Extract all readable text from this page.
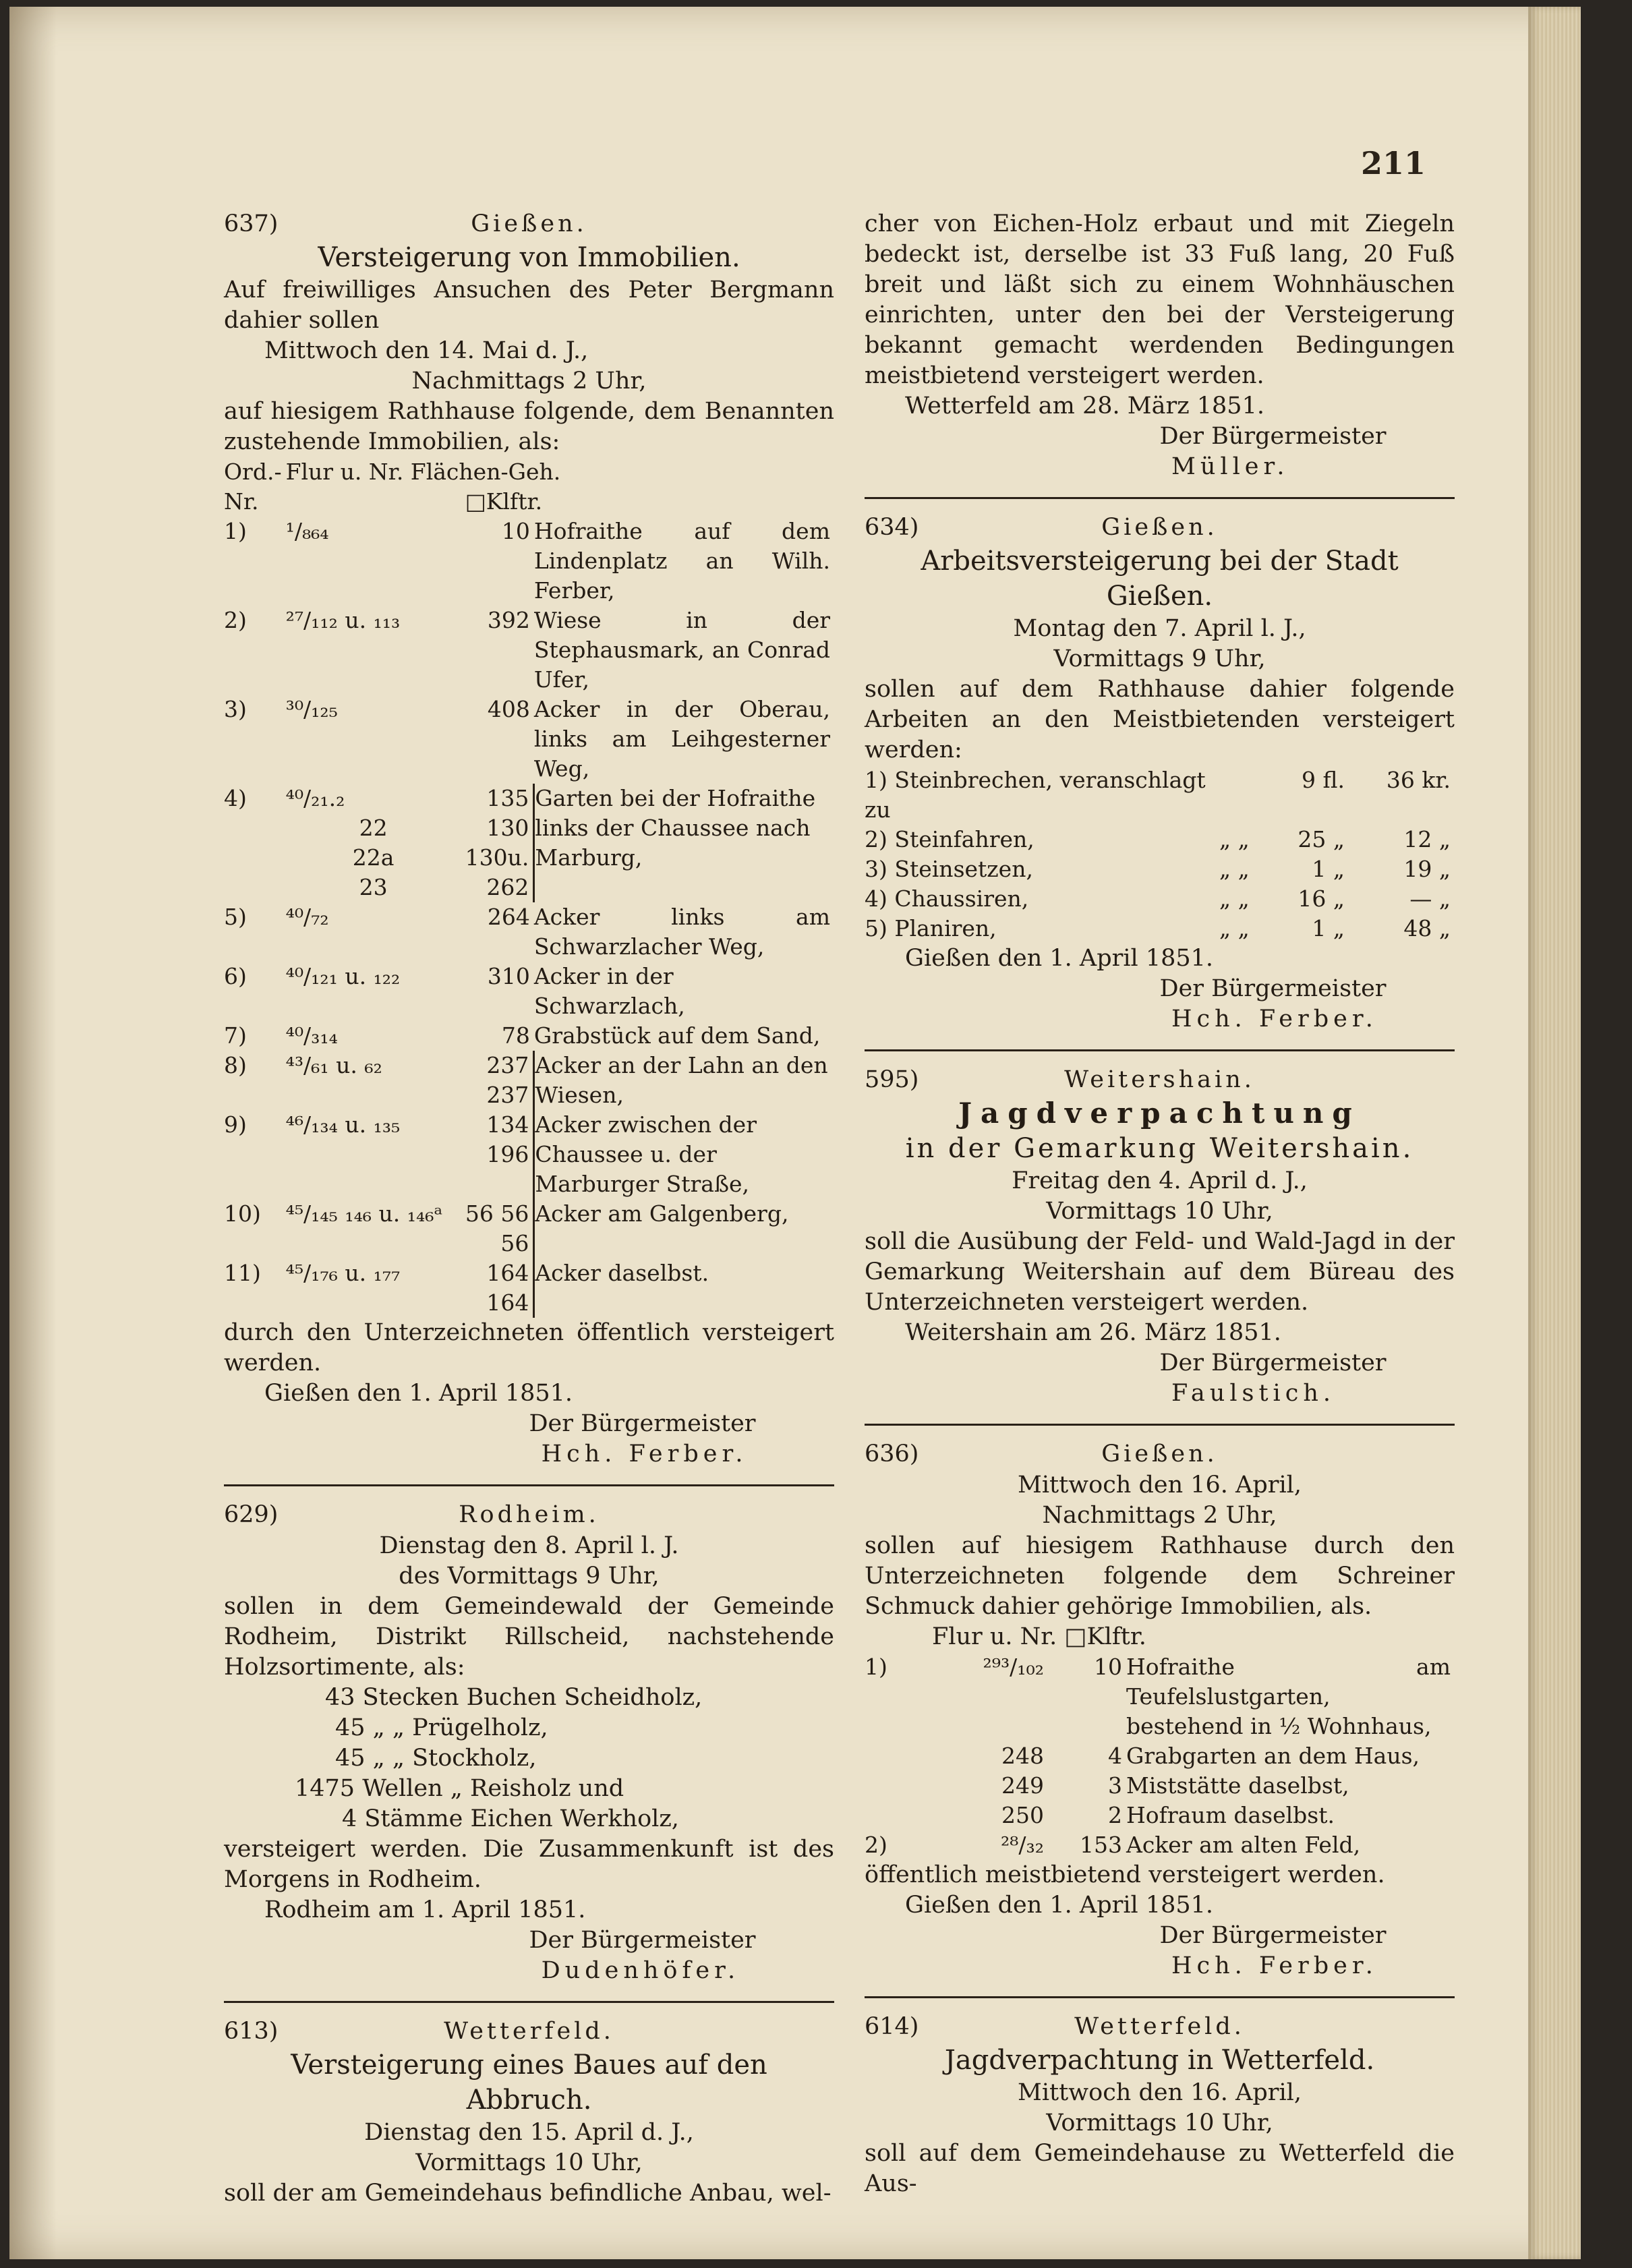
211
637)	Gießen.

Versteigerung von Immobilien.

Auf freiwilliges Ansuchen des Peter Bergmann dahier sollen

Mittwoch den 14. Mai d. J.,

Nachmittags 2 Uhr,

auf hiesigem Rathhause folgende, dem Benannten zustehende Immobilien, als:

Ord.-	Flur u. Nr. Flächen-Geh.		
Nr.		□Klftr.	
1)	¹/₈₆₄	10	Hofraithe auf dem Lindenplatz an Wilh. Ferber,
2)	²⁷/₁₁₂ u. ₁₁₃	392	Wiese in der Stephausmark, an Conrad Ufer,
3)	³⁰/₁₂₅	408	Acker in der Oberau, links am Leihgesterner Weg,
4)	⁴⁰/₂₁.₂	135	Garten bei der Hofraithe links der Chaussee nach Marburg,
	22	130	
	22a	130u.	
	23	262	
5)	⁴⁰/₇₂	264	Acker links am Schwarzlacher Weg,
6)	⁴⁰/₁₂₁ u. ₁₂₂	310	Acker in der Schwarzlach,
7)	⁴⁰/₃₁₄	78	Grabstück auf dem Sand,
8)	⁴³/₆₁ u. ₆₂	237 237	Acker an der Lahn an den Wiesen,
9)	⁴⁶/₁₃₄ u. ₁₃₅	134 196	Acker zwischen der Chaussee u. der Marburger Straße,
10)	⁴⁵/₁₄₅ ₁₄₆ u. ₁₄₆ᵃ	56 56 56	Acker am Galgenberg,
11)	⁴⁵/₁₇₆ u. ₁₇₇	164 164	Acker daselbst.

durch den Unterzeichneten öffentlich versteigert werden.

Gießen den 1. April 1851.

Der Bürgermeister

Hch. Ferber.

629)	Rodheim.

Dienstag den 8. April l. J.

des Vormittags 9 Uhr,

sollen in dem Gemeindewald der Gemeinde Rodheim, Distrikt Rillscheid, nachstehende Holzsortimente, als:

43 Stecken Buchen Scheidholz,

45 „ „ Prügelholz,

45 „ „ Stockholz,

1475 Wellen „ Reisholz und

4 Stämme Eichen Werkholz,

versteigert werden. Die Zusammenkunft ist des Morgens in Rodheim.

Rodheim am 1. April 1851.

Der Bürgermeister

Dudenhöfer.

613)	Wetterfeld.

Versteigerung eines Baues auf den Abbruch.

Dienstag den 15. April d. J.,

Vormittags 10 Uhr,

soll der am Gemeindehaus befindliche Anbau, wel-

cher von Eichen-Holz erbaut und mit Ziegeln bedeckt ist, derselbe ist 33 Fuß lang, 20 Fuß breit und läßt sich zu einem Wohnhäuschen einrichten, unter den bei der Versteigerung bekannt gemacht werdenden Bedingungen meistbietend versteigert werden.

Wetterfeld am 28. März 1851.

Der Bürgermeister

Müller.

634)	Gießen.

Arbeitsversteigerung bei der Stadt Gießen.

Montag den 7. April l. J.,

Vormittags 9 Uhr,

sollen auf dem Rathhause dahier folgende Arbeiten an den Meistbietenden versteigert werden:

1) Steinbrechen, veranschlagt zu		9 fl.	36 kr.
2) Steinfahren,	„ „	25 „	12 „
3) Steinsetzen,	„ „	1 „	19 „
4) Chaussiren,	„ „	16 „	— „
5) Planiren,	„ „	1 „	48 „

Gießen den 1. April 1851.

Der Bürgermeister

Hch. Ferber.

595)	Weitershain.

Jagdverpachtung

in der Gemarkung Weitershain.

Freitag den 4. April d. J.,

Vormittags 10 Uhr,

soll die Ausübung der Feld- und Wald-Jagd in der Gemarkung Weitershain auf dem Büreau des Unterzeichneten versteigert werden.

Weitershain am 26. März 1851.

Der Bürgermeister

Faulstich.

636)	Gießen.

Mittwoch den 16. April,

Nachmittags 2 Uhr,

sollen auf hiesigem Rathhause durch den Unterzeichneten folgende dem Schreiner Schmuck dahier gehörige Immobilien, als.

Flur u. Nr. □Klftr.

1)	²⁹³/₁₀₂	10	Hofraithe am Teufelslustgarten, bestehend in ½ Wohnhaus,
	248	4	Grabgarten an dem Haus,
	249	3	Miststätte daselbst,
	250	2	Hofraum daselbst.
2)	²⁸/₃₂	153	Acker am alten Feld,

öffentlich meistbietend versteigert werden.

Gießen den 1. April 1851.

Der Bürgermeister

Hch. Ferber.

614)	Wetterfeld.

Jagdverpachtung in Wetterfeld.

Mittwoch den 16. April,

Vormittags 10 Uhr,

soll auf dem Gemeindehause zu Wetterfeld die Aus-
